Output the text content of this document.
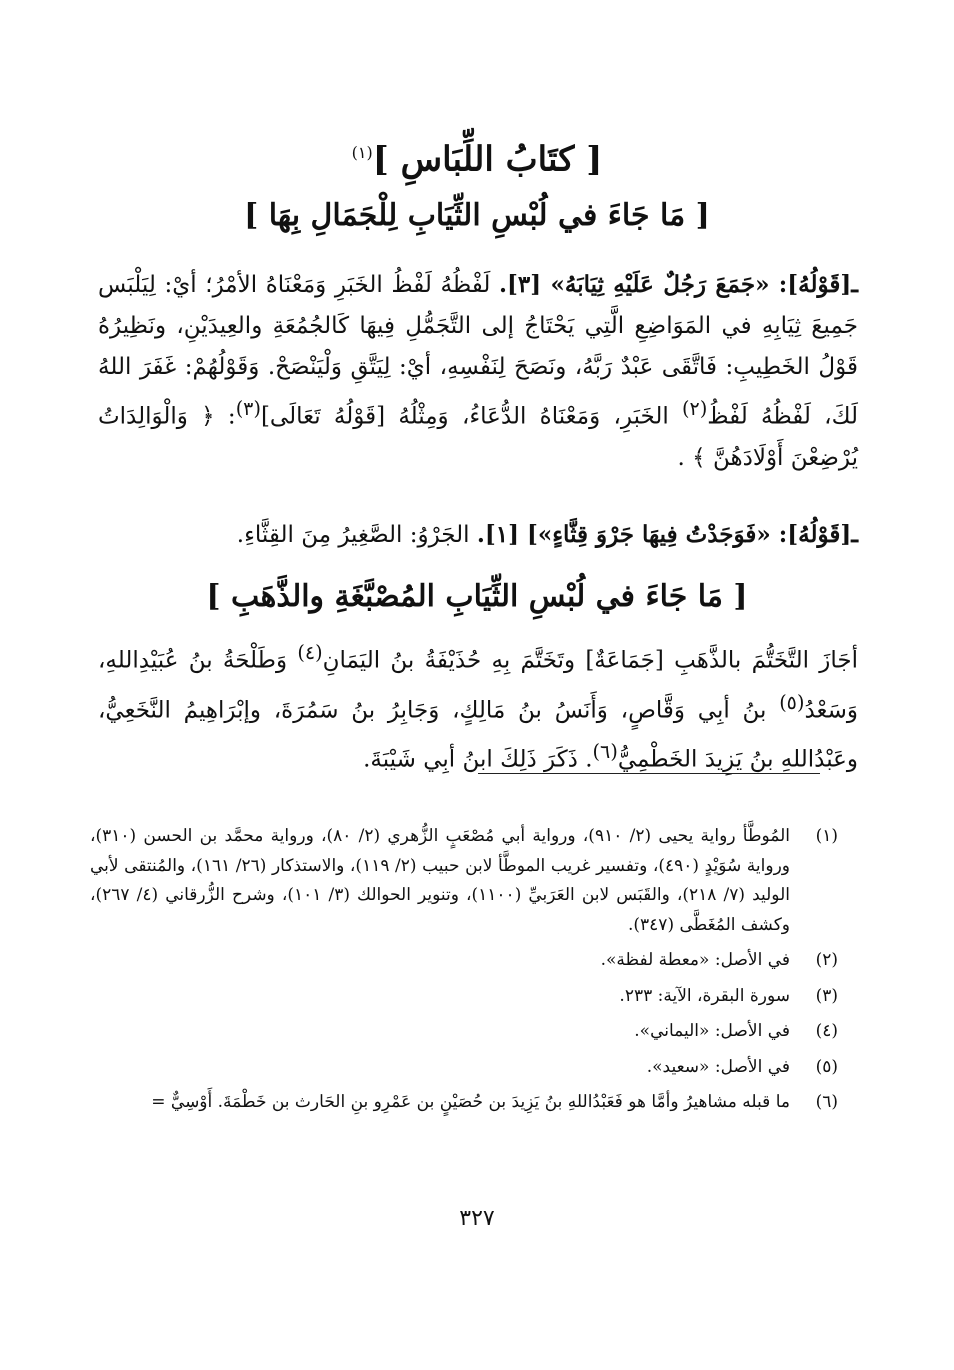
[ كتَابُ اللِّبَاسِ ]$^{(١)}$
[ مَا جَاءَ في لُبْسِ الثِّيَابِ لِلْجَمَالِ بِهَا ]

ـ[قَوْلُهُ]: «جَمَعَ رَجُلٌ عَلَيْهِ ثِيَابَهُ» [٣]. لَفْظُهُ لَفْظُ الخَبَرِ وَمَعْنَاهُ الأمْرُ؛ أيْ: لِيَلْبَس جَمِيعَ ثِيَابِهِ في المَوَاضِعِ الَّتِي يَحْتَاجُ إلى التَّجَمُّلِ فِيهَا كَالجُمُعَةِ والعِيدَيْنِ، ونَظِيرُهُ قَوْلُ الخَطِيبِ: فَاتَّقَى عَبْدٌ رَبَّهُ، ونَصَحَ لِنَفْسِهِ، أيْ: لِيَتَّقِ وَلْيَنْصَحْ. وَقَوْلُهُمْ: غَفَرَ اللهُ لَكَ، لَفْظُهُ لَفْظُ$^{(٢)}$ الخَبَرِ، وَمَعْنَاهُ الدُّعَاءُ، وَمِثْلُهُ [قَوْلُهُ تَعَالَى]$^{(٣)}$: ﴿ وَالْوَالِدَاتُ يُرْضِعْنَ أَوْلَادَهُنَّ ﴾ .

ـ[قَوْلُهُ]: «فَوَجَدْتُ فِيهَا جَرْوَ قِثَّاءٍ»] [١]. الجَرْوُ: الصَّغِيرُ مِنَ القِثَّاءِ.

[ مَا جَاءَ في لُبْسِ الثِّيَابِ المُصْبَّغَةِ والذَّهَبِ ]

أجَازَ التَّخَتُّمَ بالذَّهَبِ [جَمَاعَةٌ] وتَخَتَّمَ بِهِ حُذَيْفَةُ بنُ اليَمَانِ$^{(٤)}$ وَطَلْحَةُ بنُ عُبَيْدِاللهِ، وَسَعْدُ$^{(٥)}$ بنُ أبِي وَقَّاصٍ، وَأَنَسُ بنُ مَالِكٍ، وَجَابِرُ بنُ سَمُرَةَ، وإبْرَاهِيمُ النَّخَعِيُّ، وعَبْدُاللهِ بنُ يَزِيدَ الخَطْمِيُّ$^{(٦)}$. ذَكَرَ ذَلِكَ ابنُ أبِي شَيْبَةَ.

(١)
المُوطَّأ رواية يحيى (٢/ ٩١٠)، ورواية أبي مُصْعَبٍ الزُّهري (٢/ ٨٠)، ورواية محمَّد بن الحسن (٣١٠)، ورواية سُوَيْدٍ (٤٩٠)، وتفسير غريب الموطَّأ لابن حبيب (٢/ ١١٩)، والاستذكار (٢٦/ ١٦١)، والمُنتقى لأبي الوليد (٧/ ٢١٨)، والقَبَس لابن العَرَبيِّ (١١٠٠)، وتنوير الحوالك (٣/ ١٠١)، وشرح الزُّرقاني (٤/ ٢٦٧)، وكشف المُغَطَّى (٣٤٧).
(٢)
في الأصل: «معطة لفظة».
(٣)
سورة البقرة، الآية: ٢٣٣.
(٤)
في الأصل: «اليماني».
(٥)
في الأصل: «سعيد».
(٦)
ما قبله مشاهيرُ وأمَّا هو فَعَبْدُاللهِ بنُ يَزِيدَ بن حُصَيْنٍ بن عَمْرِو بنِ الحَارث بن خَطْمَةَ. أَوْسِيٌّ =
٣٢٧
